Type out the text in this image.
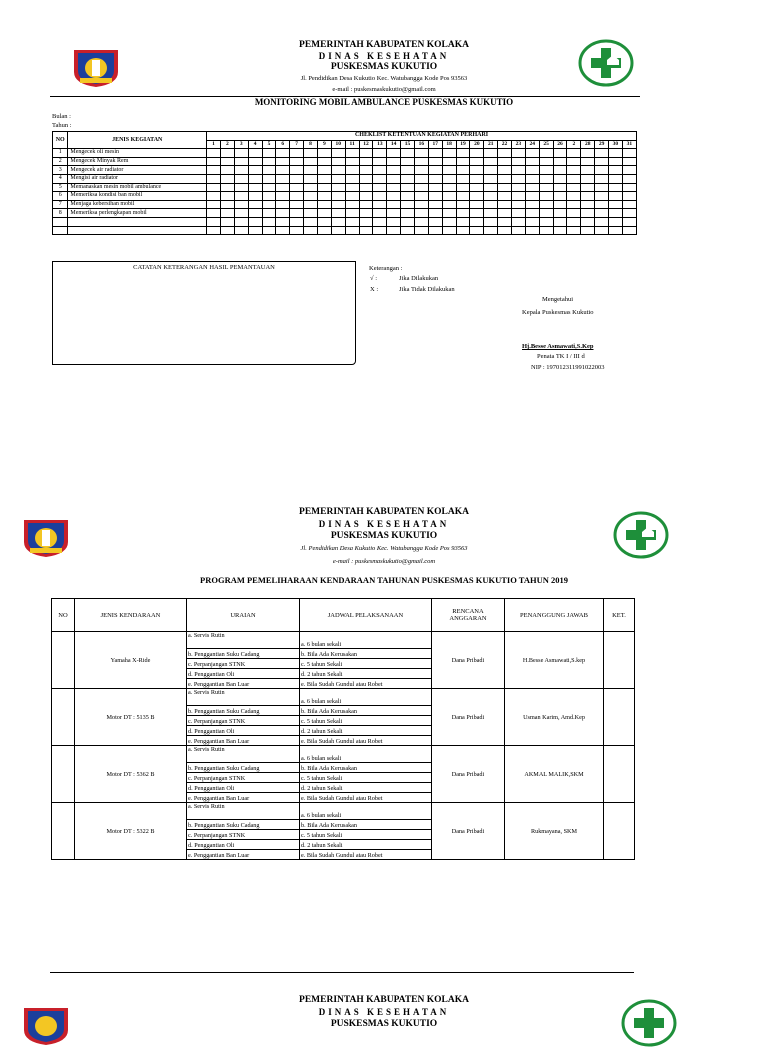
PEMERINTAH KABUPATEN KOLAKA
DINAS KESEHATAN
PUSKESMAS KUKUTIO
Jl. Pendidikan Desa Kukutio Kec. Watubangga Kode Pos 93563
e-mail : puskesmaskukutio@gmail.com
MONITORING MOBIL AMBULANCE PUSKESMAS KUKUTIO
Bulan :
Tahun :
NO	JENIS KEGIATAN	CHEKLIST KETENTUAN KEGIATAN PERHARI																														
		1	2	3	4	5	6	7	8	9	10	11	12	13	14	15	16	17	18	19	20	21	22	23	24	25	26	2	28	29	30	31
1	Mengecek oli mesin																															
2	Mengecek Minyak Rem																															
3	Mengecek air radiator																															
4	Mengisi air radiator																															
5	Memanaskan mesin mobil ambulance																															
6	Memeriksa kondisi ban mobil																															
7	Menjaga kebersihan mobil																															
8	Memeriksa perlengkapan mobil																															

CATATAN KETERANGAN HASIL PEMANTAUAN	Keterangan :
√ :	Jika Dilakukan
X :	Jika Tidak Dilakukan
Mengetahui
Kepala Puskesmas Kukutio
Hj.Besse Asmawati,S.Kep
Penata TK I / III d
NIP : 197012311991022003
PEMERINTAH KABUPATEN KOLAKA
DINAS KESEHATAN
PUSKESMAS KUKUTIO
Jl. Pendidikan Desa Kukutio Kec. Watubangga Kode Pos 93563
e-mail : puskesmaskukutio@gmail.com
PROGRAM PEMELIHARAAN KENDARAAN TAHUNAN PUSKESMAS KUKUTIO TAHUN 2019
NO	JENIS KENDARAAN	URAIAN	JADWAL PELAKSANAAN	RENCANA
ANGGARAN	PENANGGUNG JAWAB	KET.
	Yamaha X-Ride	a. Servis Rutin	a. 6 bulan sekali	Dana Pribadi	H.Besse Asmawati,S.kep	
		b. Penggantian Suku Cadang	b. Bila Ada Kerusakan			
		c. Perpanjangan STNK	c. 5 tahun Sekali			
		d. Penggantian Oli	d. 2 tahun Sekali			
		e. Penggantian Ban Luar	e. Bila Sudah Gundul atau Robet			
	Motor DT : 5135 B	a. Servis Rutin	a. 6 bulan sekali	Dana Pribadi	Usman Karim, Amd.Kep	
		b. Penggantian Suku Cadang	b. Bila Ada Kerusakan			
		c. Perpanjangan STNK	c. 5 tahun Sekali			
		d. Penggantian Oli	d. 2 tahun Sekali			
		e. Penggantian Ban Luar	e. Bila Sudah Gundul atau Robet			
	Motor DT : 5362 B	a. Servis Rutin	a. 6 bulan sekali	Dana Pribadi	AKMAL MALIK,SKM	
		b. Penggantian Suku Cadang	b. Bila Ada Kerusakan			
		c. Perpanjangan STNK	c. 5 tahun Sekali			
		d. Penggantian Oli	d. 2 tahun Sekali			
		e. Penggantian Ban Luar	e. Bila Sudah Gundul atau Robet			
	Motor DT : 5322 B	a. Servis Rutin	a. 6 bulan sekali	Dana Pribadi	Rukmayana, SKM	
		b. Penggantian Suku Cadang	b. Bila Ada Kerusakan			
		c. Perpanjangan STNK	c. 5 tahun Sekali			
		d. Penggantian Oli	d. 2 tahun Sekali			
		e. Penggantian Ban Luar	e. Bila Sudah Gundul atau Robet			
PEMERINTAH KABUPATEN KOLAKA
DINAS KESEHATAN
PUSKESMAS KUKUTIO
